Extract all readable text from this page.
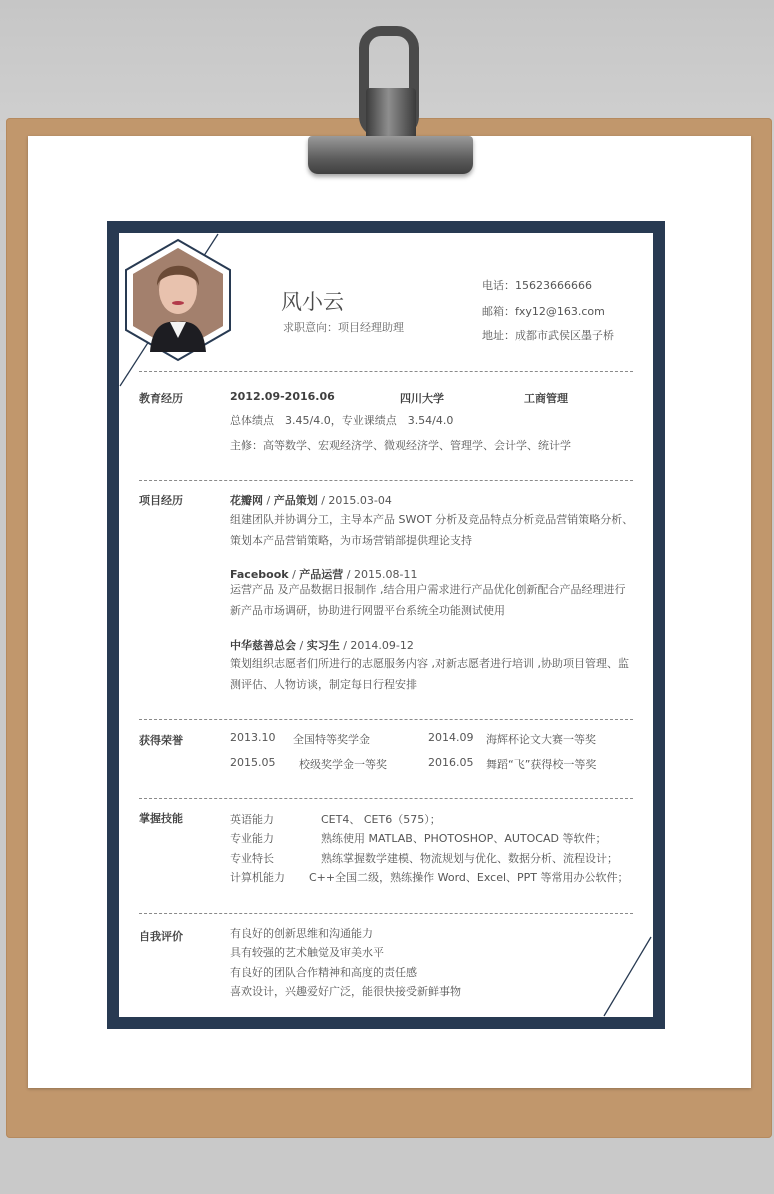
风小云
求职意向：项目经理助理
电话：15623666666
邮箱：fxy12@163.com
地址：成都市武侯区墨子桥
教育经历	2012.09-2016.06	四川大学	工商管理
总体绩点　3.45/4.0，专业课绩点　3.54/4.0
主修：高等数学、宏观经济学、微观经济学、管理学、会计学、统计学
项目经历	花瓣网 / 产品策划 / 2015.03-04
组建团队并协调分工，主导本产品 SWOT 分析及竞品特点分析竞品营销策略分析、策划本产品营销策略，为市场营销部提供理论支持
Facebook / 产品运营 / 2015.08-11
运营产品 及产品数据日报制作 ,结合用户需求进行产品优化创新配合产品经理进行新产品市场调研，协助进行网盟平台系统全功能测试使用
中华慈善总会 / 实习生 / 2014.09-12
策划组织志愿者们所进行的志愿服务内容 ,对新志愿者进行培训 ,协助项目管理、监测评估、人物访谈，制定每日行程安排
获得荣誉	2013.10 全国特等奖学金	2014.09 海辉杯论文大赛一等奖
2015.05 校级奖学金一等奖	2016.05 舞蹈“飞”获得校一等奖
掌握技能	英语能力	CET4、 CET6（575）；
专业能力	熟练使用 MATLAB、PHOTOSHOP、AUTOCAD 等软件；
专业特长	熟练掌握数学建模、物流规划与优化、数据分析、流程设计；
计算机能力 C++全国二级，熟练操作 Word、Excel、PPT 等常用办公软件；
自我评价	有良好的创新思维和沟通能力
具有较强的艺术触觉及审美水平
有良好的团队合作精神和高度的责任感
喜欢设计，兴趣爱好广泛，能很快接受新鲜事物
